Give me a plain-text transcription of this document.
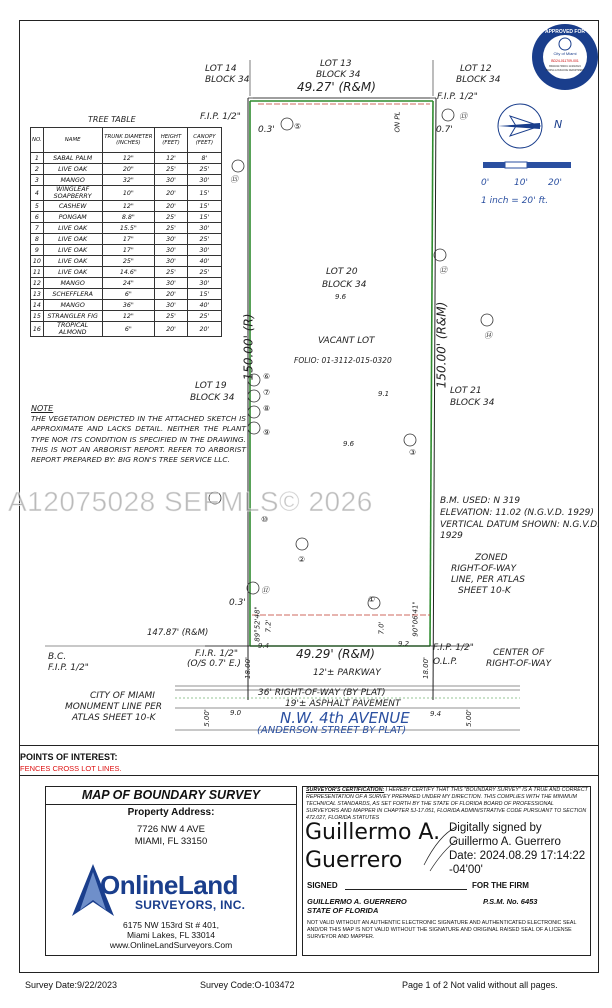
APPROVED FOR
City of Miami
BD24-011709-001
BD24011709001 11/29/2024
ZONING & BUILDING DEPARTMENT
⑤
⑬
⑮
⑫
⑭
⑥
⑦
⑧
⑨
③
⑩
②
⑪
①
LOT 14
BLOCK 34
LOT 13
BLOCK 34
LOT 12
BLOCK 34
49.27' (R&M)
F.I.P. 1/2"
F.I.P. 1/2"
0.3'	0.7'
ON PL
LOT 20
BLOCK 34
VACANT LOT
FOLIO: 01-3112-015-0320
150.00' (R)	150.00' (R&M)
LOT 19
BLOCK 34
LOT 21
BLOCK 34
9.6
9.1
9.6
B.M. USED: N 319
ELEVATION: 11.02 (N.G.V.D. 1929)
VERTICAL DATUM SHOWN: N.G.V.D.
1929
ZONED
RIGHT-OF-WAY
LINE, PER ATLAS
SHEET 10-K
0.3'
89°52'48"	90°06'41"
7.2'	7.0'
9.4	9.2
49.29' (R&M)
12'± PARKWAY
B.C.
F.I.P. 1/2"
147.87' (R&M)
F.I.R. 1/2"
(O/S 0.7' E.)
F.I.P. 1/2"
O.L.P.
CENTER OF
RIGHT-OF-WAY
36' RIGHT-OF-WAY (BY PLAT)
19'± ASPHALT PAVEMENT
N.W. 4th AVENUE
(ANDERSON STREET BY PLAT)
CITY OF MIAMI
MONUMENT LINE PER
ATLAS SHEET 10-K
18.00'	18.00'
5.00'	5.00'
9.0	9.4
N
0'	10' 20'
1 inch = 20' ft.
TREE TABLE
NO.	NAME	TRUNK DIAMETER (INCHES)	HEIGHT (FEET)	CANOPY (FEET)
1	SABAL PALM	12"	12'	8'
2	LIVE OAK	20"	25'	25'
3	MANGO	32"	30'	30'
4	WINGLEAF SOAPBERRY	10"	20'	15'
5	CASHEW	12"	20'	15'
6	PONGAM	8.8"	25'	15'
7	LIVE OAK	15.5"	25'	30'
8	LIVE OAK	17"	30'	25'
9	LIVE OAK	17"	30'	30'
10	LIVE OAK	25"	30'	40'
11	LIVE OAK	14.6"	25'	25'
12	MANGO	24"	30'	30'
13	SCHEFFLERA	6"	20'	15'
14	MANGO	36"	30'	40'
15	STRANGLER FIG	12"	25'	25'
16	TROPICAL ALMOND	6"	20'	20'
NOTE
THE VEGETATION DEPICTED IN THE ATTACHED SKETCH IS APPROXIMATE AND LACKS DETAIL. NEITHER THE PLANT TYPE NOR ITS CONDITION IS SPECIFIED IN THE DRAWING. THIS IS NOT AN ARBORIST REPORT. REFER TO ARBORIST REPORT PREPARED BY: BIG RON'S TREE SERVICE LLC.
A12075028 SEFMLS© 2026
POINTS OF INTEREST:
FENCES CROSS LOT LINES.
MAP OF BOUNDARY SURVEY
Property Address:
7726 NW 4 AVE
MIAMI, FL 33150
OnlineLand
SURVEYORS, INC.
6175 NW 153rd St # 401,
Miami Lakes, FL 33014
www.OnlineLandSurveyors.Com
SURVEYOR'S CERTIFICATION: I HEREBY CERTIFY THAT THIS "BOUNDARY SURVEY" IS A TRUE AND CORRECT REPRESENTATION OF A SURVEY PREPARED UNDER MY DIRECTION. THIS COMPLIES WITH THE MINIMUM TECHNICAL STANDARDS, AS SET FORTH BY THE STATE OF FLORIDA BOARD OF PROFESSIONAL SURVEYORS AND MAPPER IN CHAPTER 5J-17.051, FLORIDA ADMINISTRATIVE CODE PURSUANT TO SECTION 472.027, FLORIDA STATUTES
Guillermo A.
Guerrero
Digitally signed by
Guillermo A. Guerrero
Date: 2024.08.29 17:14:22
-04'00'
SIGNED	FOR THE FIRM
GUILLERMO A. GUERRERO	P.S.M. No. 6453
STATE OF FLORIDA
NOT VALID WITHOUT AN AUTHENTIC ELECTRONIC SIGNATURE AND AUTHENTICATED ELECTRONIC SEAL AND/OR THIS MAP IS NOT VALID WITHOUT THE SIGNATURE AND ORIGINAL RAISED SEAL OF A LICENSE SURVEYOR AND MAPPER.
Survey Date:9/22/2023	Survey Code:O-103472	Page 1 of 2 Not valid without all pages.
